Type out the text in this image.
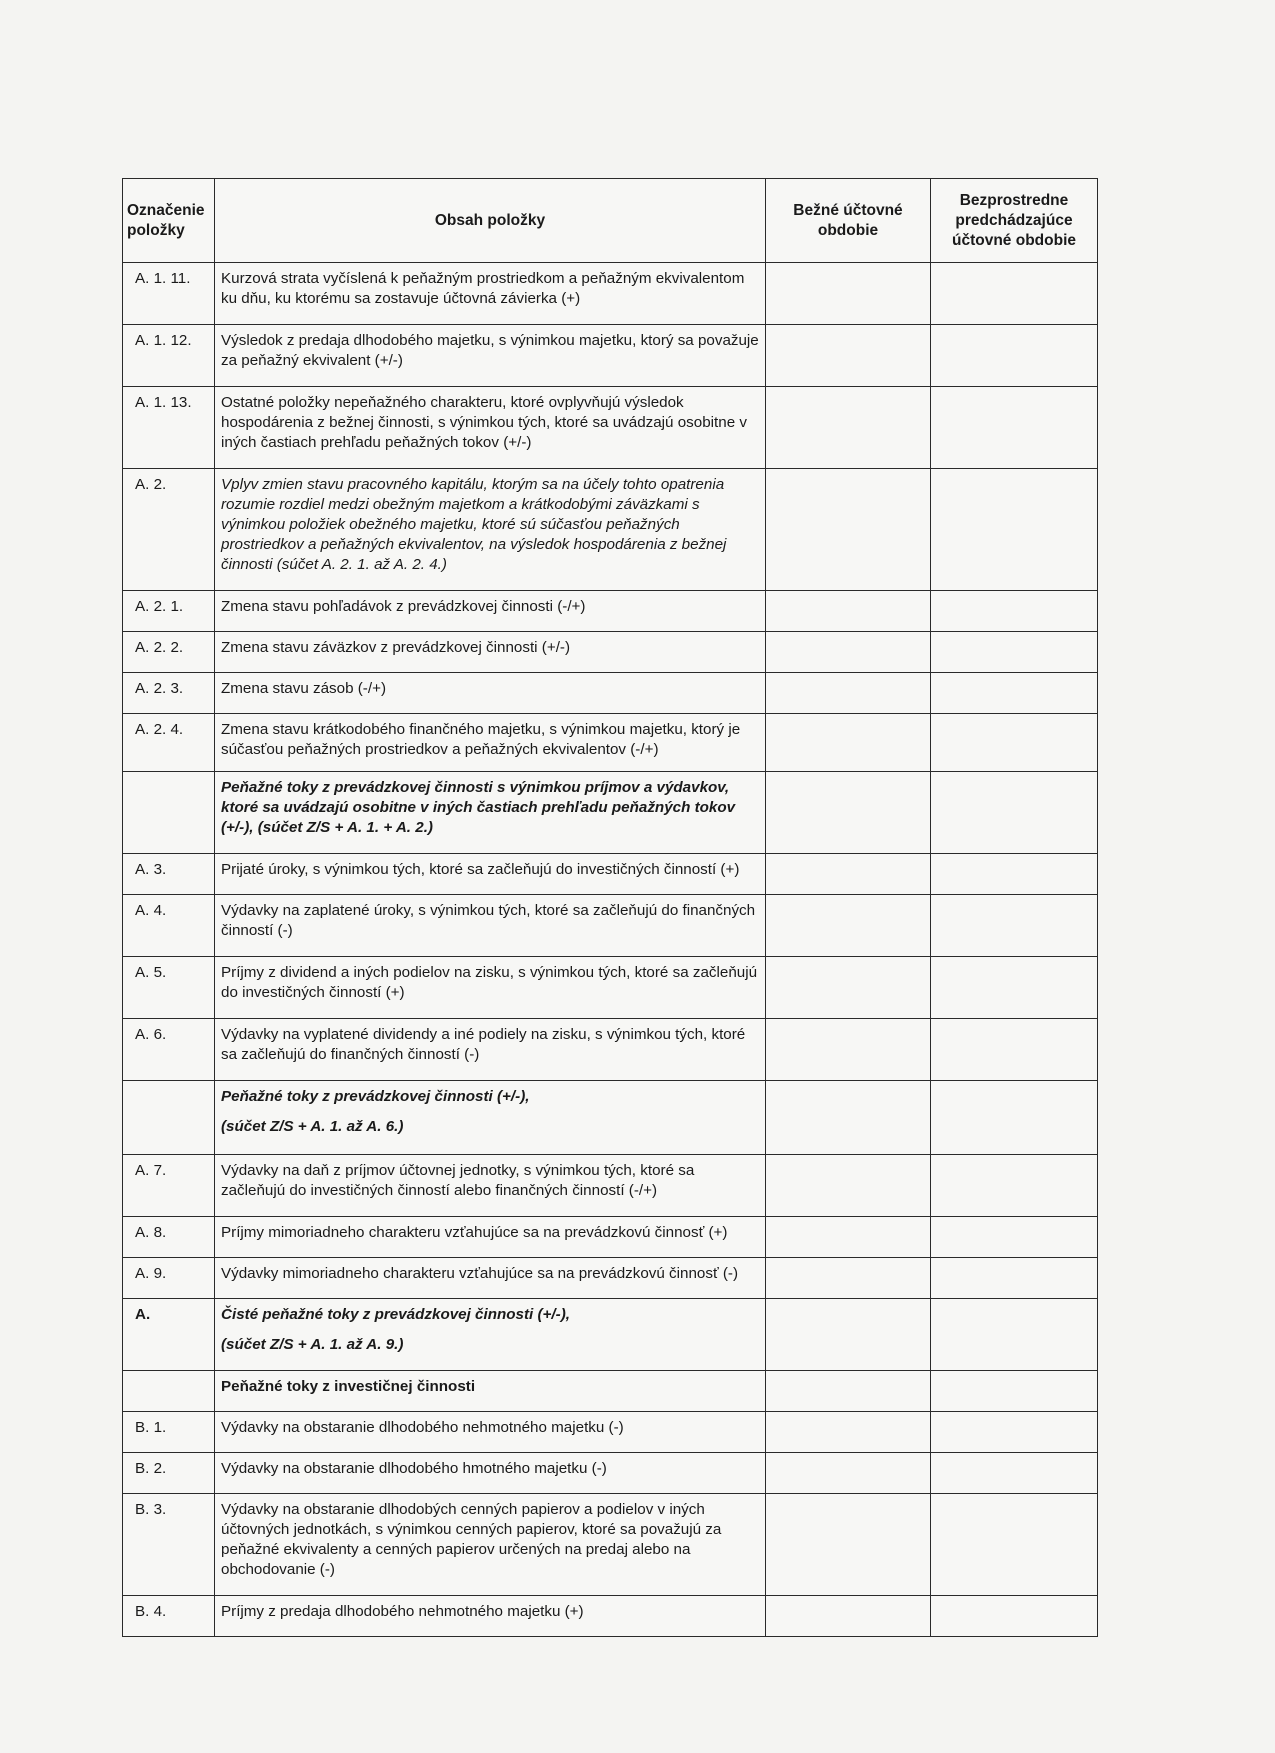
Označenie položky	Obsah položky	Bežné účtovné obdobie	Bezprostredne predchádzajúce účtovné obdobie
A. 1. 11.	Kurzová strata vyčíslená k peňažným prostriedkom a peňažným ekvivalentom ku dňu, ku ktorému sa zostavuje účtovná závierka (+)		
A. 1. 12.	Výsledok z predaja dlhodobého majetku, s výnimkou majetku, ktorý sa považuje za peňažný ekvivalent (+/-)		
A. 1. 13.	Ostatné položky nepeňažného charakteru, ktoré ovplyvňujú výsledok hospodárenia z bežnej činnosti, s výnimkou tých, ktoré sa uvádzajú osobitne v iných častiach prehľadu peňažných tokov (+/-)		
A. 2.	Vplyv zmien stavu pracovného kapitálu, ktorým sa na účely tohto opatrenia rozumie rozdiel medzi obežným majetkom a krátkodobými záväzkami s výnimkou položiek obežného majetku, ktoré sú súčasťou peňažných prostriedkov a peňažných ekvivalentov, na výsledok hospodárenia z bežnej činnosti (súčet A. 2. 1. až A. 2. 4.)		
A. 2. 1.	Zmena stavu pohľadávok z prevádzkovej činnosti (-/+)		
A. 2. 2.	Zmena stavu záväzkov z prevádzkovej činnosti (+/-)		
A. 2. 3.	Zmena stavu zásob (-/+)		
A. 2. 4.	Zmena stavu krátkodobého finančného majetku, s výnimkou majetku, ktorý je súčasťou peňažných prostriedkov a peňažných ekvivalentov (-/+)		
	Peňažné toky z prevádzkovej činnosti s výnimkou príjmov a výdavkov, ktoré sa uvádzajú osobitne v iných častiach prehľadu peňažných tokov (+/-), (súčet Z/S + A. 1. + A. 2.)		
A. 3.	Prijaté úroky, s výnimkou tých, ktoré sa začleňujú do investičných činností (+)		
A. 4.	Výdavky na zaplatené úroky, s výnimkou tých, ktoré sa začleňujú do finančných činností (-)		
A. 5.	Príjmy z dividend a iných podielov na zisku, s výnimkou tých, ktoré sa začleňujú do investičných činností (+)		
A. 6.	Výdavky na vyplatené dividendy a iné podiely na zisku, s výnimkou tých, ktoré sa začleňujú do finančných činností (-)		

	Peňažné toky z prevádzkovej činnosti (+/-),
(súčet Z/S + A. 1. až A. 6.)		

A. 7.	Výdavky na daň z príjmov účtovnej jednotky, s výnimkou tých, ktoré sa začleňujú do investičných činností alebo finančných činností (-/+)		
A. 8.	Príjmy mimoriadneho charakteru vzťahujúce sa na prevádzkovú činnosť (+)		
A. 9.	Výdavky mimoriadneho charakteru vzťahujúce sa na prevádzkovú činnosť (-)		
A.	Čisté peňažné toky z prevádzkovej činnosti (+/-),
(súčet Z/S + A. 1. až A. 9.)		

	Peňažné toky z investičnej činnosti		
B. 1.	Výdavky na obstaranie dlhodobého nehmotného majetku (-)		
B. 2.	Výdavky na obstaranie dlhodobého hmotného majetku (-)		
B. 3.	Výdavky na obstaranie dlhodobých cenných papierov a podielov v iných účtovných jednotkách, s výnimkou cenných papierov, ktoré sa považujú za peňažné ekvivalenty a cenných papierov určených na predaj alebo na obchodovanie (-)		
B. 4.	Príjmy z predaja dlhodobého nehmotného majetku (+)		
